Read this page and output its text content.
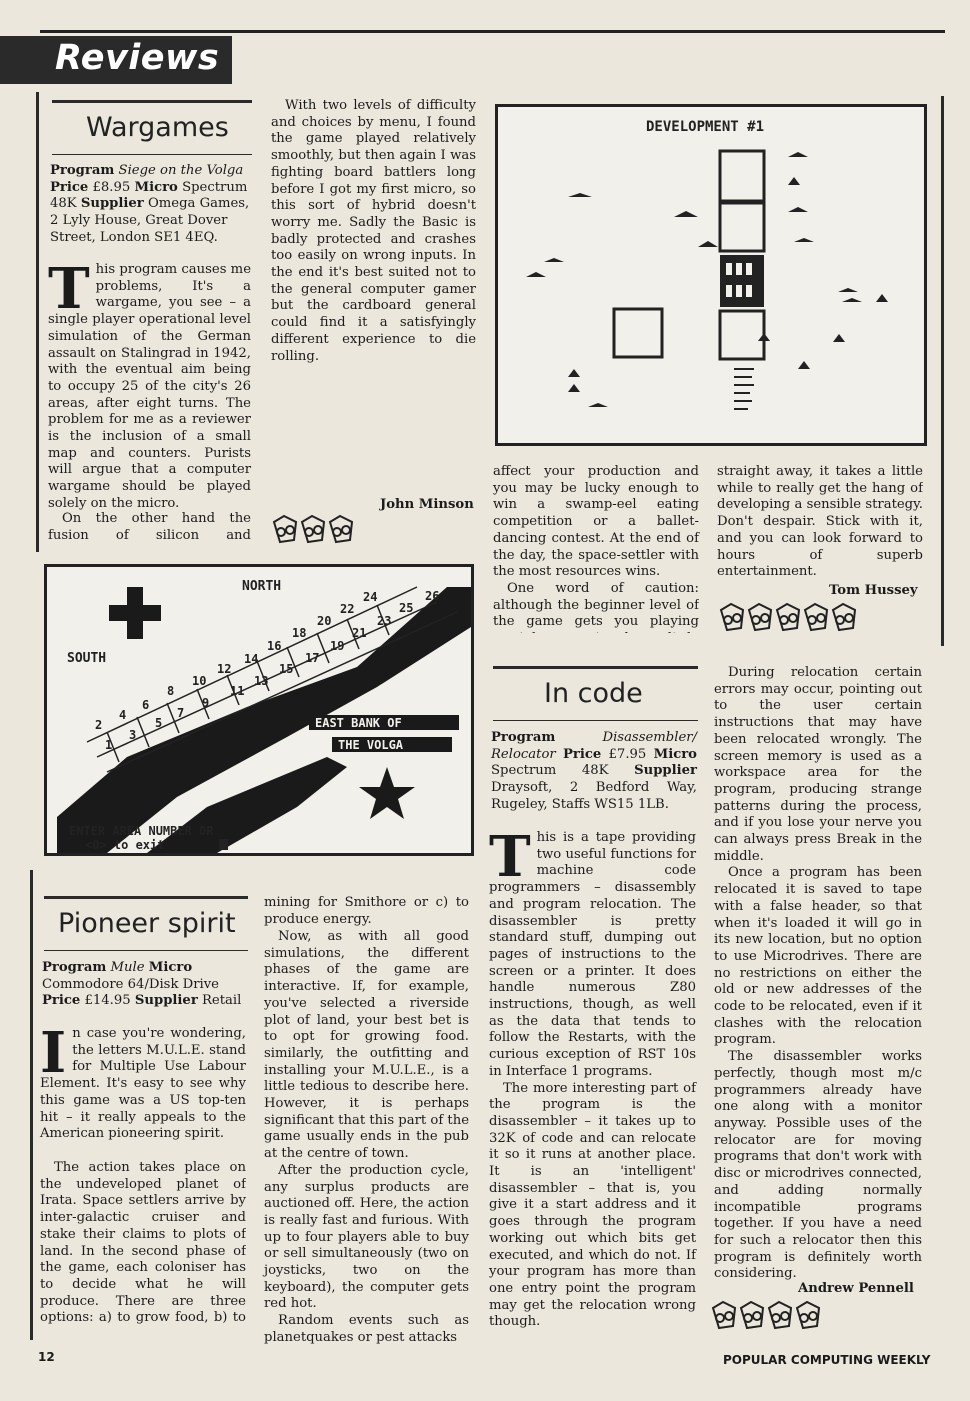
Reviews
Wargames
Program Siege on the Volga Price £8.95 Micro Spectrum 48K Supplier Omega Games, 2 Lyly House, Great Dover Street, London SE1 4EQ.

This program causes me problems, It's a wargame, you see – a single player operational level simulation of the German assault on Stalingrad in 1942, with the eventual aim being to occupy 25 of the city's 26 areas, after eight turns. The problem for me as a reviewer is the inclusion of a small map and counters. Purists will argue that a computer wargame should be played solely on the micro.

On the other hand the fusion of silicon and

With two levels of difficulty and choices by menu, I found the game played relatively smoothly, but then again I was fighting board battlers long before I got my first micro, so this sort of hybrid doesn't worry me. Sadly the Basic is badly protected and crashes too easily on wrong inputs. In the end it's best suited not to the general computer gamer but the cardboard general could find it a satisfyingly different experience to die rolling.

John Minson
NORTH
SOUTH
1
2
3
4
5
6
7
8
9
10
11
12
13
14
15
16
17
18
19
20
21
22
23
24
25
26
EAST BANK OF
THE VOLGA
ENTER AREA NUMBER OR
<0> to exit
DEVELOPMENT #1

affect your production and you may be lucky enough to win a swamp-eel eating competition or a ballet-dancing contest. At the end of the day, the space-settler with the most resources wins.

One word of caution: although the beginner level of the game gets you playing

straight away, it takes a little while to really get the hang of developing a sensible strategy. Don't despair. Stick with it, and you can look forward to hours of superb entertainment.

Tom Hussey
Pioneer spirit
Program Mule Micro Commodore 64/Disk Drive Price £14.95 Supplier Retail

In case you're wondering, the letters M.U.L.E. stand for Multiple Use Labour Element. It's easy to see why this game was a US top-ten hit – it really appeals to the American pioneering spirit.

The action takes place on the undeveloped planet of Irata. Space settlers arrive by inter-galactic cruiser and stake their claims to plots of land. In the second phase of the game, each coloniser has to decide what he will produce. There are three options: a) to grow food, b) to

mining for Smithore or c) to produce energy.

Now, as with all good simulations, the different phases of the game are interactive. If, for example, you've selected a riverside plot of land, your best bet is to opt for growing food. similarly, the outfitting and installing your M.U.L.E., is a little tedious to describe here. However, it is perhaps significant that this part of the game usually ends in the pub at the centre of town.

After the production cycle, any surplus products are auctioned off. Here, the action is really fast and furious. With up to four players able to buy or sell simultaneously (two on joysticks, two on the keyboard), the computer gets red hot.

Random events such as planetquakes or pest attacks

In code
Program	Disassembler/ Relocator Price £7.95 Micro Spectrum 48K Supplier Draysoft, 2 Bedford Way, Rugeley, Staffs WS15 1LB.

This is a tape providing two useful functions for machine code programmers – disassembly and program relocation. The disassembler is pretty standard stuff, dumping out pages of instructions to the screen or a printer. It does handle numerous Z80 instructions, though, as well as the data that tends to follow the Restarts, with the curious exception of RST 10s in Interface 1 programs.

The more interesting part of the program is the disassembler – it takes up to 32K of code and can relocate it so it runs at another place. It is an 'intelligent' disassembler – that is, you give it a start address and it goes through the program working out which bits get executed, and which do not. If your program has more than one entry point the program may get the relocation wrong though.

During relocation certain errors may occur, pointing out to the user certain instructions that may have been relocated wrongly. The screen memory is used as a workspace area for the program, producing strange patterns during the process, and if you lose your nerve you can always press Break in the middle.

Once a program has been relocated it is saved to tape with a false header, so that when it's loaded it will go in its new location, but no option to use Microdrives. There are no restrictions on either the old or new addresses of the code to be relocated, even if it clashes with the relocation program.

The disassembler works perfectly, though most m/c programmers already have one along with a monitor anyway. Possible uses of the relocator are for moving programs that don't work with disc or microdrives connected, and adding normally incompatible programs together. If you have a need for such a relocator then this program is definitely worth considering.

Andrew Pennell
12	POPULAR COMPUTING WEEKLY
